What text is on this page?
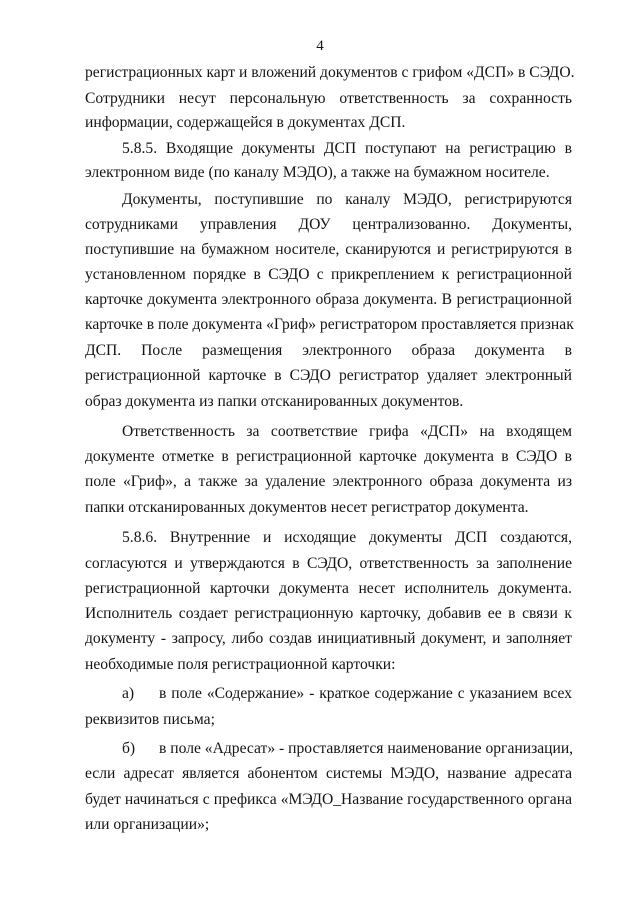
4
регистрационных карт и вложений документов с грифом «ДСП» в СЭДО.
Сотрудники несут персональную ответственность за сохранность
информации, содержащейся в документах ДСП.
5.8.5. Входящие документы ДСП поступают на регистрацию в
электронном виде (по каналу МЭДО), а также на бумажном носителе.
Документы, поступившие по каналу МЭДО, регистрируются
сотрудниками управления ДОУ централизованно. Документы,
поступившие на бумажном носителе, сканируются и регистрируются в
установленном порядке в СЭДО с прикреплением к регистрационной
карточке документа электронного образа документа. В регистрационной
карточке в поле документа «Гриф» регистратором проставляется признак
ДСП. После размещения электронного образа документа в
регистрационной карточке в СЭДО регистратор удаляет электронный
образ документа из папки отсканированных документов.
Ответственность за соответствие грифа «ДСП» на входящем
документе отметке в регистрационной карточке документа в СЭДО в
поле «Гриф», а также за удаление электронного образа документа из
папки отсканированных документов несет регистратор документа.
5.8.6. Внутренние и исходящие документы ДСП создаются,
согласуются и утверждаются в СЭДО, ответственность за заполнение
регистрационной карточки документа несет исполнитель документа.
Исполнитель создает регистрационную карточку, добавив ее в связи к
документу - запросу, либо создав инициативный документ, и заполняет
необходимые поля регистрационной карточки:
а) в поле «Содержание» - краткое содержание с указанием всех
реквизитов письма;
б) в поле «Адресат» - проставляется наименование организации,
если адресат является абонентом системы МЭДО, название адресата
будет начинаться с префикса «МЭДО_Название государственного органа
или организации»;
